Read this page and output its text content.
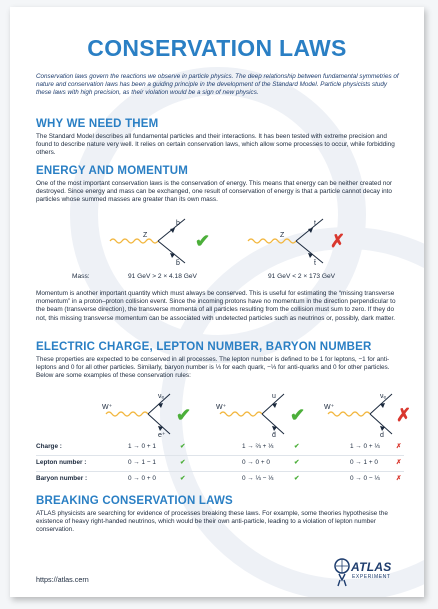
CONSERVATION LAWS
Conservation laws govern the reactions we observe in particle physics. The deep relationship between fundamental symmetries of nature and conservation laws has been a guiding principle in the development of the Standard Model. Particle physicists study these laws with high precision, as their violation would be a sign of new physics.
WHY WE NEED THEM
The Standard Model describes all fundamental particles and their interactions. It has been tested with extreme precision and found to describe nature very well. It relies on certain conservation laws, which allow some processes to occur, while forbidding others.
ENERGY AND MOMENTUM
One of the most important conservation laws is the conservation of energy. This means that energy can be neither created nor destroyed. Since energy and mass can be exchanged, one result of conservation of energy is that a particle cannot decay into particles whose summed masses are greater than its own mass.
Z
b
b̄
✔	Z
t
t̄
✗
Mass:	91 GeV > 2 × 4.18 GeV	91 GeV < 2 × 173 GeV
Momentum is another important quantity which must always be conserved. This is useful for estimating the “missing transverse momentum” in a proton–proton collision event. Since the incoming protons have no momentum in the direction perpendicular to the beam (transverse direction), the transverse momenta of all particles resulting from the collision must sum to zero. If they do not, this missing transverse momentum can be associated with undetected particles such as neutrinos or, possibly, dark matter.
ELECTRIC CHARGE, LEPTON NUMBER, BARYON NUMBER
These properties are expected to be conserved in all processes. The lepton number is defined to be 1 for leptons, −1 for anti-leptons and 0 for all other particles. Similarly, baryon number is ⅓ for each quark, −⅓ for anti-quarks and 0 for other particles. Below are some examples of these conservation rules:
W⁺
νₑ
e⁺
✔	W⁺
u
d̄
✔	W⁺
νₑ
d
✗
Charge :	1 → 0 + 1	✔	1 → ⅔ + ⅓	✔	1 → 0 + ⅓	✗
Lepton number :	0 → 1 − 1	✔	0 → 0 + 0	✔	0 → 1 + 0	✗
Baryon number :	0 → 0 + 0	✔	0 → ⅓ − ⅓	✔	0 → 0 − ⅓	✗
BREAKING CONSERVATION LAWS
ATLAS physicists are searching for evidence of processes breaking these laws. For example, some theories hypothesise the existence of heavy right-handed neutrinos, which would be their own anti-particle, leading to a violation of lepton number conservation.
https://atlas.cern
ATLAS
EXPERIMENT
